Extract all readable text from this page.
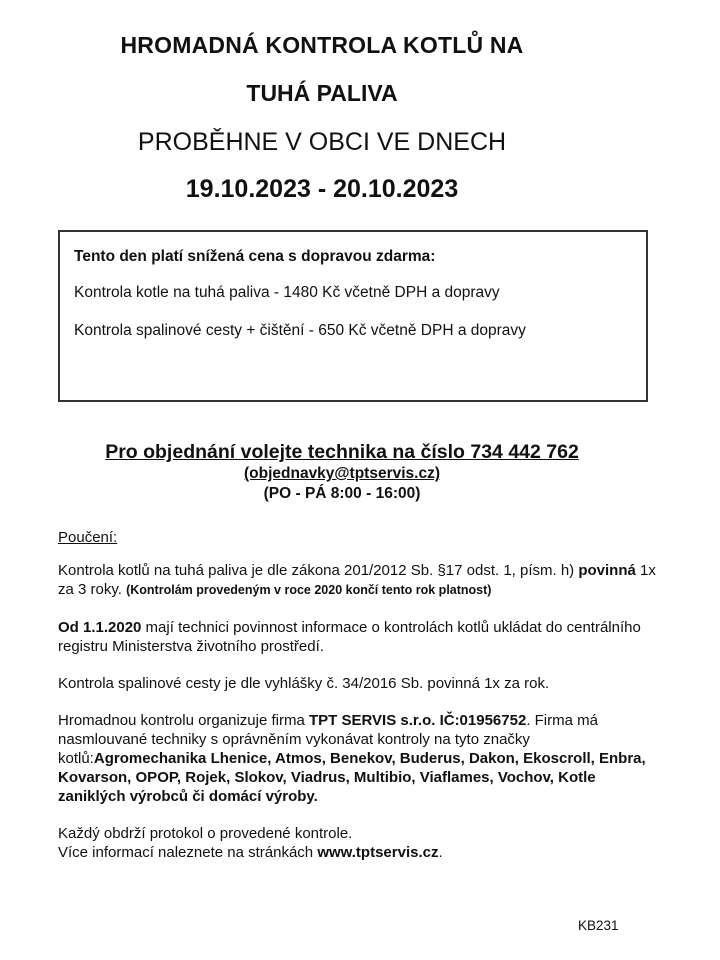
HROMADNÁ KONTROLA KOTLŮ NA
TUHÁ PALIVA
PROBĚHNE V OBCI VE DNECH
19.10.2023 - 20.10.2023
Tento den platí snížená cena s dopravou zdarma:
Kontrola kotle na tuhá paliva - 1480 Kč včetně DPH a dopravy
Kontrola spalinové cesty + čištění - 650 Kč včetně DPH a dopravy
Pro objednání volejte technika na číslo 734 442 762
(objednavky@tptservis.cz)
(PO - PÁ 8:00 - 16:00)

Poučení:

Kontrola kotlů na tuhá paliva je dle zákona 201/2012 Sb. §17 odst. 1, písm. h) povinná 1x za 3 roky. (Kontrolám provedeným v roce 2020 končí tento rok platnost)

Od 1.1.2020 mají technici povinnost informace o kontrolách kotlů ukládat do centrálního registru Ministerstva životního prostředí.

Kontrola spalinové cesty je dle vyhlášky č. 34/2016 Sb. povinná 1x za rok.

Hromadnou kontrolu organizuje firma TPT SERVIS s.r.o. IČ:01956752. Firma má nasmlouvané techniky s oprávněním vykonávat kontroly na tyto značky kotlů:Agromechanika Lhenice, Atmos, Benekov, Buderus, Dakon, Ekoscroll, Enbra, Kovarson, OPOP, Rojek, Slokov, Viadrus, Multibio, Viaflames, Vochov, Kotle zaniklých výrobců či domácí výroby.

Každý obdrží protokol o provedené kontrole.
Více informací naleznete na stránkách www.tptservis.cz.

KB231
